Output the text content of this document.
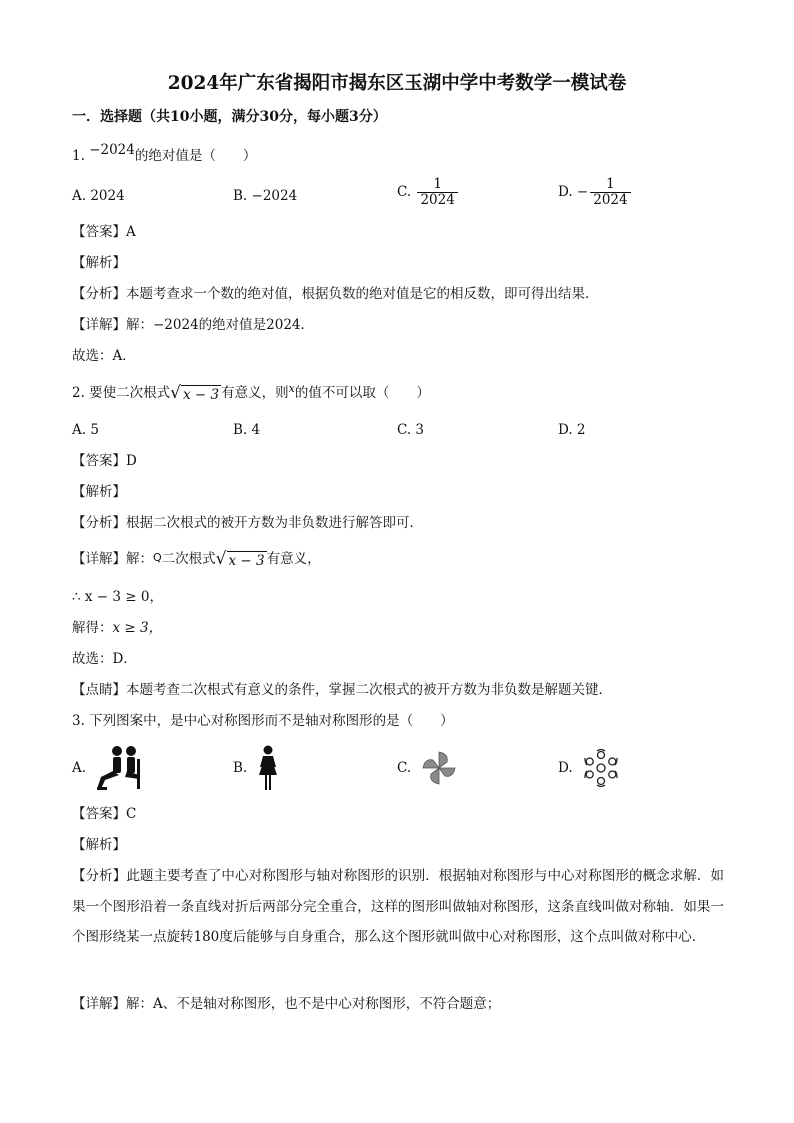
2024年广东省揭阳市揭东区玉湖中学中考数学一模试卷
一．选择题（共10小题，满分30分，每小题3分）
1. −2024的绝对值是（　　）
A. 2024	B. −2024	C. $\frac{1}{2024}$	D. − $\frac{1}{2024}$
【答案】A
【解析】
【分析】本题考查求一个数的绝对值，根据负数的绝对值是它的相反数，即可得出结果．
【详解】解：−2024的绝对值是2024．
故选：A．
2. 要使二次根式 √ x − 3 有意义，则$^x$的值不可以取（　　）
A. 5	B. 4	C. 3	D. 2
【答案】D
【解析】
【分析】根据二次根式的被开方数为非负数进行解答即可．
【详解】解：Q二次根式 √ x − 3 有意义，
∴ x − 3 ≥ 0，
解得：x ≥ 3，
故选：D．
【点睛】本题考查二次根式有意义的条件，掌握二次根式的被开方数为非负数是解题关键．
3. 下列图案中，是中心对称图形而不是轴对称图形的是（　　）
A.	B.	C.	D.
【答案】C
【解析】
【分析】此题主要考查了中心对称图形与轴对称图形的识别．根据轴对称图形与中心对称图形的概念求解．如果一个图形沿着一条直线对折后两部分完全重合，这样的图形叫做轴对称图形，这条直线叫做对称轴．如果一个图形绕某一点旋转180度后能够与自身重合，那么这个图形就叫做中心对称图形，这个点叫做对称中心．
【详解】解：A、不是轴对称图形，也不是中心对称图形，不符合题意；
